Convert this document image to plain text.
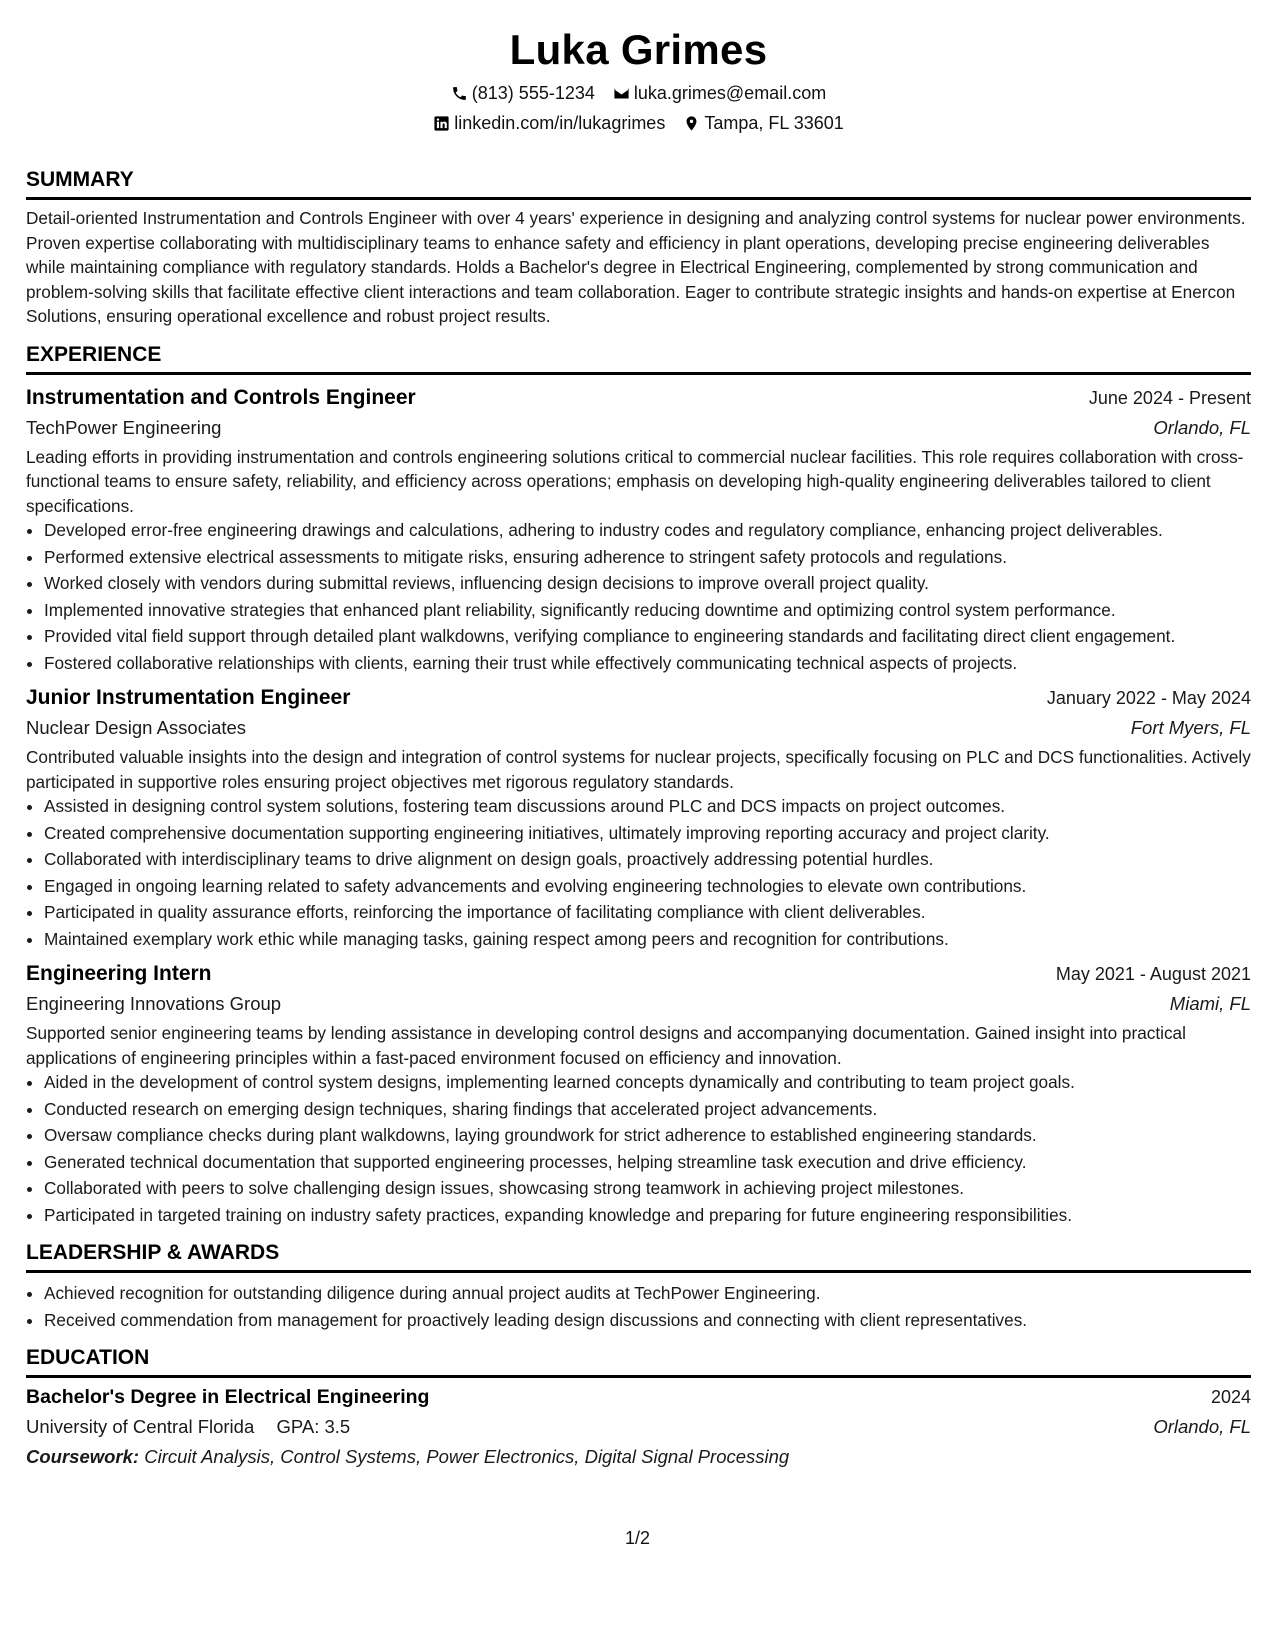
Luka Grimes
(813) 555-1234 luka.grimes@email.com
linkedin.com/in/lukagrimes Tampa, FL 33601
SUMMARY

Detail-oriented Instrumentation and Controls Engineer with over 4 years' experience in designing and analyzing control systems for nuclear power environments. Proven expertise collaborating with multidisciplinary teams to enhance safety and efficiency in plant operations, developing precise engineering deliverables while maintaining compliance with regulatory standards. Holds a Bachelor's degree in Electrical Engineering, complemented by strong communication and problem-solving skills that facilitate effective client interactions and team collaboration. Eager to contribute strategic insights and hands-on expertise at Enercon Solutions, ensuring operational excellence and robust project results.

EXPERIENCE
Instrumentation and Controls Engineer	June 2024 - Present
TechPower Engineering	Orlando, FL

Leading efforts in providing instrumentation and controls engineering solutions critical to commercial nuclear facilities. This role requires collaboration with cross-functional teams to ensure safety, reliability, and efficiency across operations; emphasis on developing high-quality engineering deliverables tailored to client specifications.

• Developed error-free engineering drawings and calculations, adhering to industry codes and regulatory compliance, enhancing project deliverables.
• Performed extensive electrical assessments to mitigate risks, ensuring adherence to stringent safety protocols and regulations.
• Worked closely with vendors during submittal reviews, influencing design decisions to improve overall project quality.
• Implemented innovative strategies that enhanced plant reliability, significantly reducing downtime and optimizing control system performance.
• Provided vital field support through detailed plant walkdowns, verifying compliance to engineering standards and facilitating direct client engagement.
• Fostered collaborative relationships with clients, earning their trust while effectively communicating technical aspects of projects.
Junior Instrumentation Engineer	January 2022 - May 2024
Nuclear Design Associates	Fort Myers, FL

Contributed valuable insights into the design and integration of control systems for nuclear projects, specifically focusing on PLC and DCS functionalities. Actively participated in supportive roles ensuring project objectives met rigorous regulatory standards.

• Assisted in designing control system solutions, fostering team discussions around PLC and DCS impacts on project outcomes.
• Created comprehensive documentation supporting engineering initiatives, ultimately improving reporting accuracy and project clarity.
• Collaborated with interdisciplinary teams to drive alignment on design goals, proactively addressing potential hurdles.
• Engaged in ongoing learning related to safety advancements and evolving engineering technologies to elevate own contributions.
• Participated in quality assurance efforts, reinforcing the importance of facilitating compliance with client deliverables.
• Maintained exemplary work ethic while managing tasks, gaining respect among peers and recognition for contributions.
Engineering Intern	May 2021 - August 2021
Engineering Innovations Group	Miami, FL

Supported senior engineering teams by lending assistance in developing control designs and accompanying documentation. Gained insight into practical applications of engineering principles within a fast-paced environment focused on efficiency and innovation.

• Aided in the development of control system designs, implementing learned concepts dynamically and contributing to team project goals.
• Conducted research on emerging design techniques, sharing findings that accelerated project advancements.
• Oversaw compliance checks during plant walkdowns, laying groundwork for strict adherence to established engineering standards.
• Generated technical documentation that supported engineering processes, helping streamline task execution and drive efficiency.
• Collaborated with peers to solve challenging design issues, showcasing strong teamwork in achieving project milestones.
• Participated in targeted training on industry safety practices, expanding knowledge and preparing for future engineering responsibilities.
LEADERSHIP & AWARDS
• Achieved recognition for outstanding diligence during annual project audits at TechPower Engineering.
• Received commendation from management for proactively leading design discussions and connecting with client representatives.
EDUCATION
Bachelor's Degree in Electrical Engineering	2024
University of Central Florida GPA: 3.5	Orlando, FL
Coursework: Circuit Analysis, Control Systems, Power Electronics, Digital Signal Processing
1/2
